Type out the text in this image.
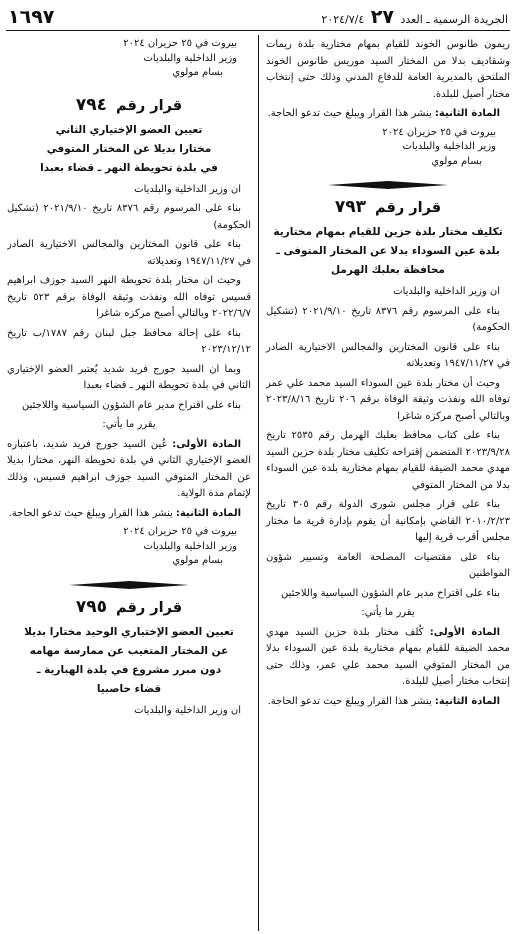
الجريدة الرسمية ـ العدد ٢٧ ٢٠٢٤/٧/٤
١٦٩٧

ريمون طانوس الخوند للقيام بمهام مختارية بلدة ريمات وشقاديف بدلا من المختار السيد موريس طانوس الخوند الملتحق بالمديرية العامة للدفاع المدني وذلك حتى إنتخاب مختار أصيل للبلدة.

المادة الثانية: ينشر هذا القرار ويبلغ حيث تدعو الحاجة.

بيروت في ٢٥ حزيران ٢٠٢٤

وزير الداخلية والبلديات

بسام مولوي

قرار رقم ٧٩٣
تكليف مختار بلدة حزين للقيام بمهام مختارية
بلدة عين السوداء بدلا عن المختار المتوفى ـ
محافظة بعلبك الهرمل

ان وزير الداخلية والبلديات

بناء على المرسوم رقم ٨٣٧٦ تاريخ ٢٠٢١/٩/١٠ (تشكيل الحكومة)

بناء على قانون المختارين والمجالس الاختيارية الصادر في ١٩٤٧/١١/٢٧ وتعديلاته

وحيث أن مختار بلدة عين السوداء السيد محمد علي عمر توفاه الله ونفذت وثيقة الوفاة برقم ٢٠٦ تاريخ ٢٠٢٣/٨/١٦ وبالتالي أصبح مركزه شاغرا

بناء على كتاب محافظ بعلبك الهرمل رقم ٢٥٣٥ تاريخ ٢٠٢٣/٩/٢٨ المتضمن إقتراحه تكليف مختار بلدة حزين السيد مهدي محمد الضيقة للقيام بمهام مختارية بلدة عين السوداء بدلا من المختار المتوفي

بناء على قرار مجلس شورى الدولة رقم ٣٠٥ تاريخ ٢٠١٠/٢/٢٣ القاضي بإمكانية أن يقوم بإدارة قرية ما مختار مجلس أقرب قرية إليها

بناء على مقتضيات المصلحة العامة وتسيير شؤون المواطنين

بناء على اقتراح مدير عام الشؤون السياسية واللاجئين

يقرر ما يأتي:

المادة الأولى: كُلف مختار بلدة حزين السيد مهدي محمد الضيقة للقيام بمهام مختارية بلدة عين السوداء بدلا من المختار المتوفي السيد محمد علي عمر، وذلك حتى إنتخاب مختار أصيل للبلدة.

المادة الثانية: ينشر هذا القرار ويبلغ حيث تدعو الحاجة.

بيروت في ٢٥ حزيران ٢٠٢٤

وزير الداخلية والبلديات

بسام مولوي

قرار رقم ٧٩٤
تعيين العضو الإختياري الثاني
مختارا بديلا عن المختار المتوفي
في بلدة تحويطة النهر ـ قضاء بعبدا

ان وزير الداخلية والبلديات

بناء على المرسوم رقم ٨٣٧٦ تاريخ ٢٠٢١/٩/١٠ (تشكيل الحكومة)

بناء على قانون المختارين والمجالس الاختيارية الصادر في ١٩٤٧/١١/٢٧ وتعديلاته

وحيث ان مختار بلدة تحويطة النهر السيد جوزف ابراهيم قسيس توفاه الله ونفذت وثيقة الوفاة برقم ٥٢٣ تاريخ ٢٠٢٢/٦/٧ وبالتالي أصبح مركزه شاغرا

بناء على إحالة محافظ جبل لبنان رقم ١٧٨٧/ب تاريخ ٢٠٢٣/١٢/١٢

وبما ان السيد جورج فريد شديد يُعتبر العضو الإختياري الثاني في بلدة تحويطة النهر ـ قضاء بعبدا

بناء على اقتراح مدير عام الشؤون السياسية واللاجئين

يقرر ما يأتي:

المادة الأولى: عُين السيد جورج فريد شديد، باعتباره العضو الإختياري الثاني في بلدة تحويطة النهر، مختارا بديلا عن المختار المتوفي السيد جوزف ابراهيم قسيس، وذلك لإتمام مدة الولاية.

المادة الثانية: ينشر هذا القرار ويبلغ حيث تدعو الحاجة.

بيروت في ٢٥ حزيران ٢٠٢٤

وزير الداخلية والبلديات

بسام مولوي

قرار رقم ٧٩٥
تعيين العضو الإختياري الوحيد مختارا بديلا
عن المختار المتغيب عن ممارسة مهامه
دون مبرر مشروع في بلدة الهبارية ـ
قضاء حاصبيا

ان وزير الداخلية والبلديات
